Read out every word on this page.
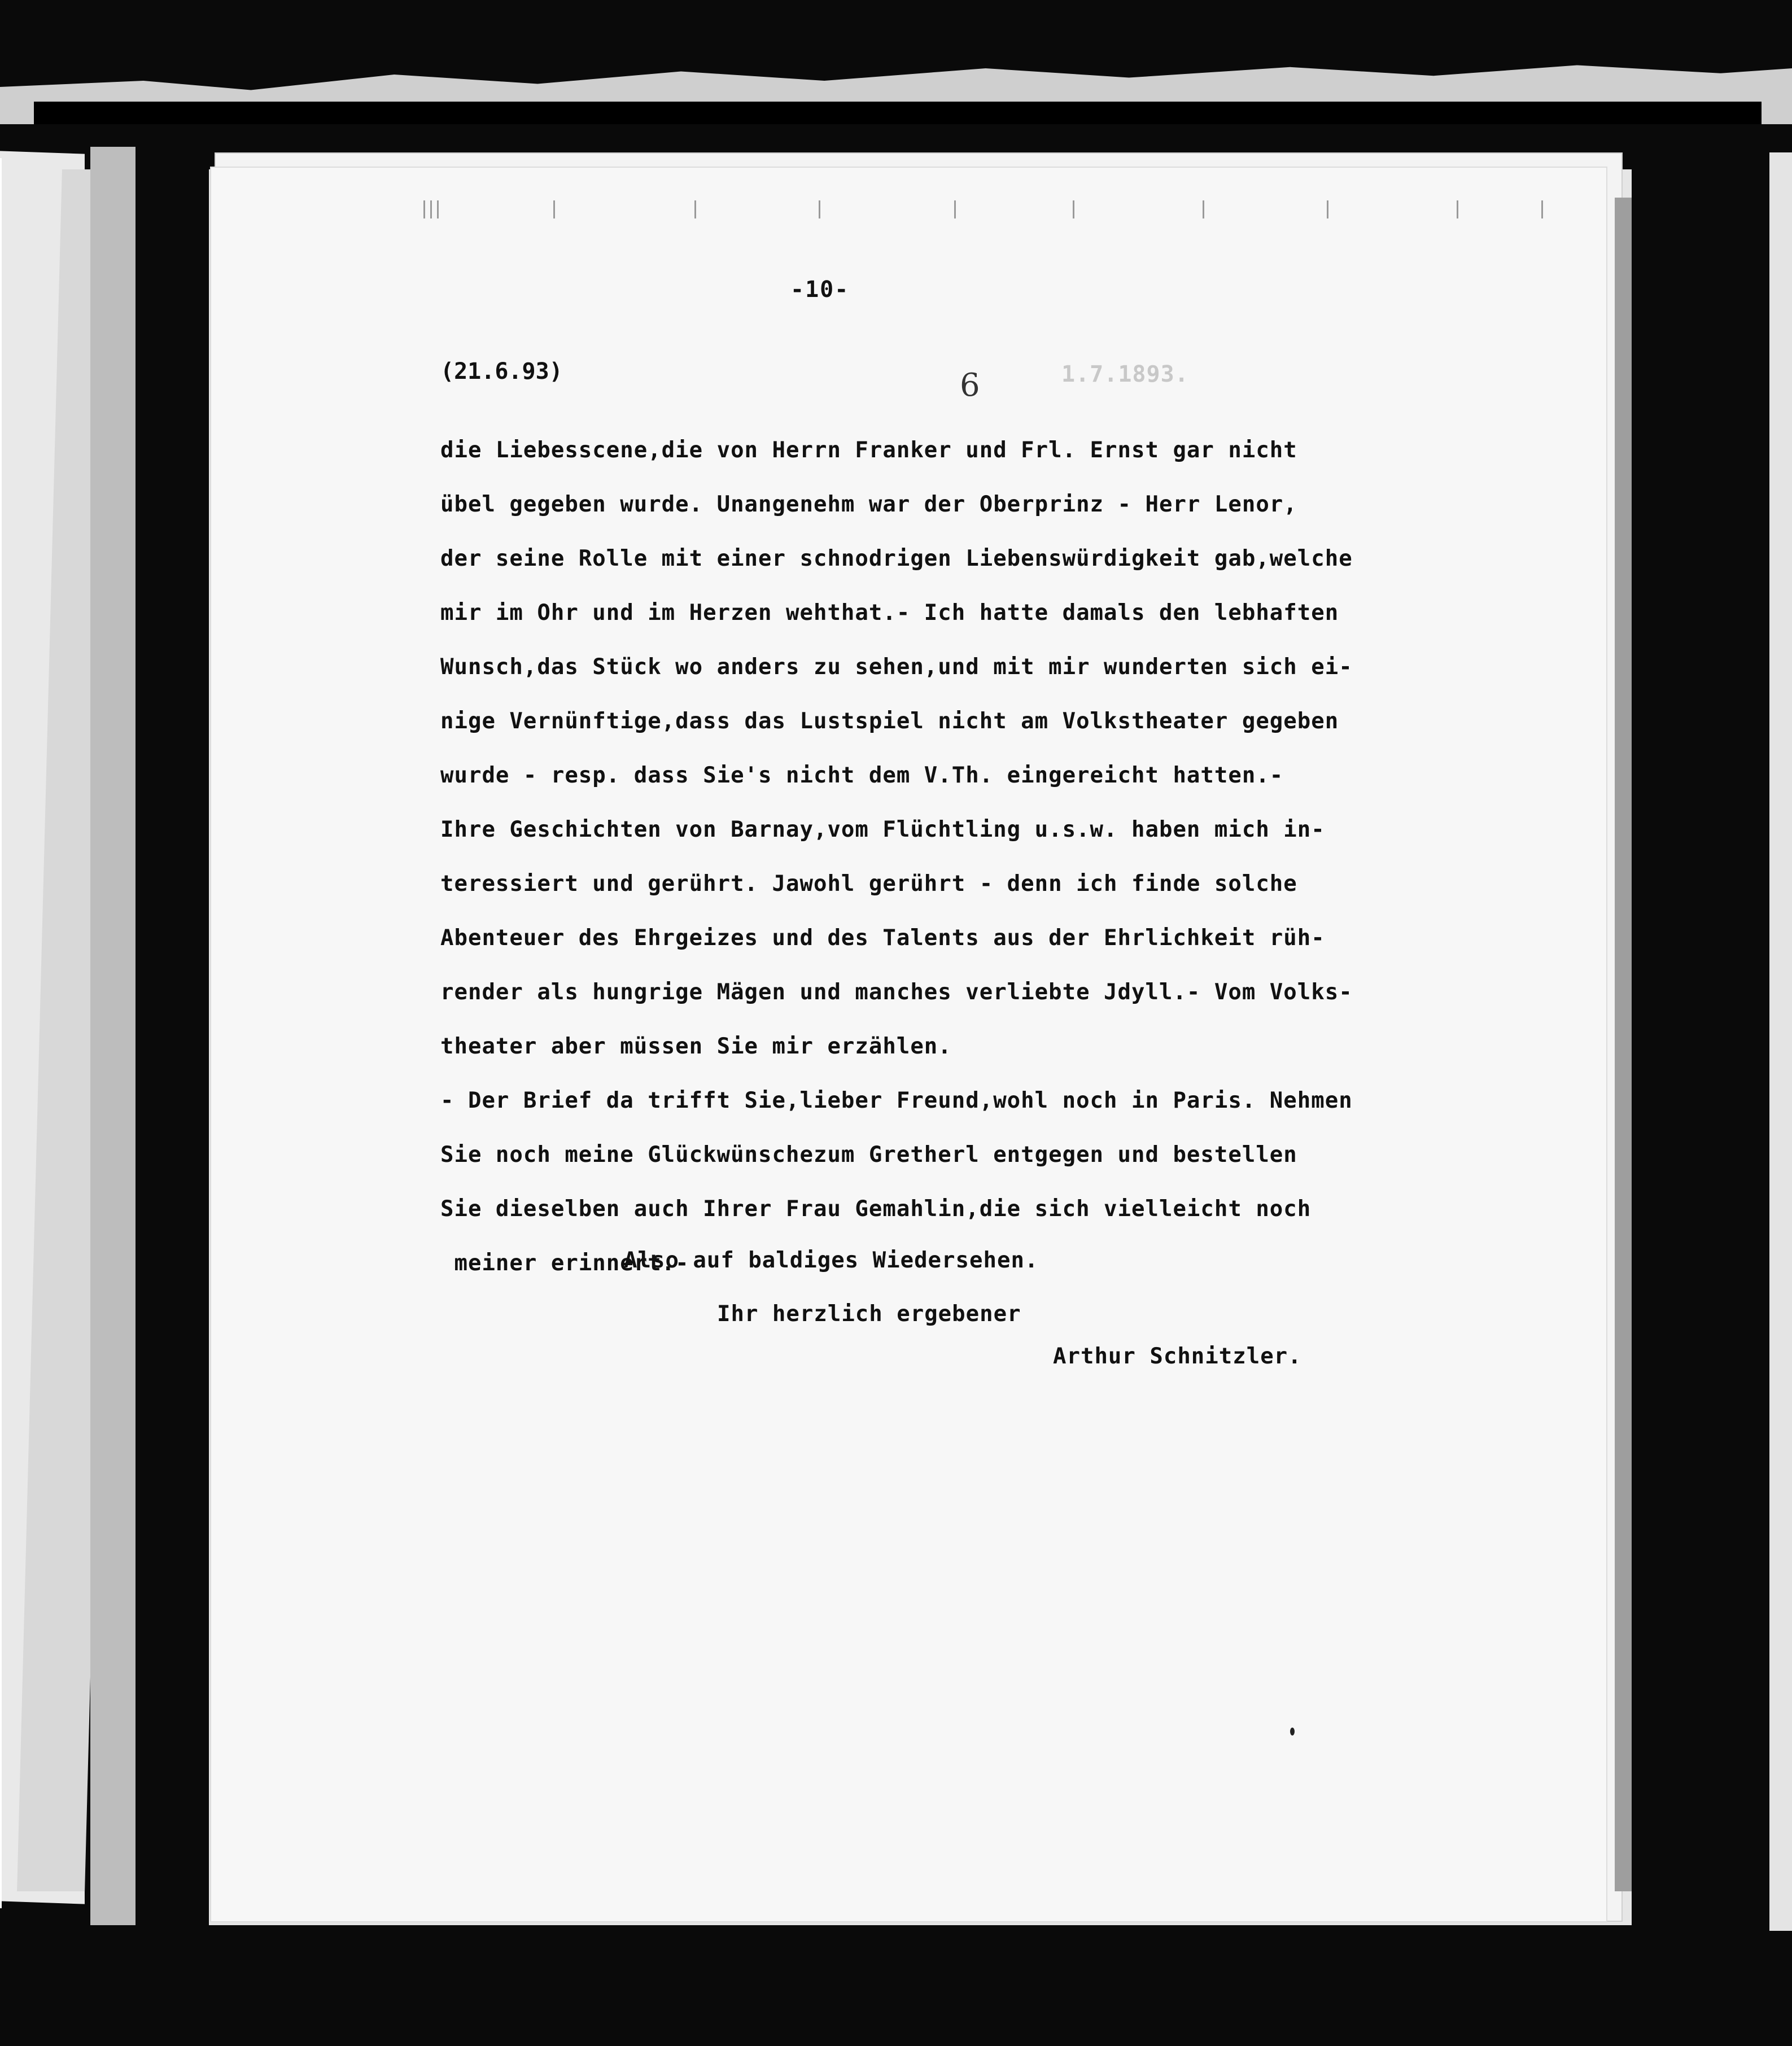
-10-
(21.6.93)	1.7.1893.
6
die Liebesscene,die von Herrn Franker und Frl. Ernst gar nicht
übel gegeben wurde. Unangenehm war der Oberprinz - Herr Lenor,
der seine Rolle mit einer schnodrigen Liebenswürdigkeit gab,welche
mir im Ohr und im Herzen wehthat.- Ich hatte damals den lebhaften
Wunsch,das Stück wo anders zu sehen,und mit mir wunderten sich ei-
nige Vernünftige,dass das Lustspiel nicht am Volkstheater gegeben
wurde - resp. dass Sie's nicht dem V.Th. eingereicht hatten.-
Ihre Geschichten von Barnay,vom Flüchtling u.s.w. haben mich in-
teressiert und gerührt. Jawohl gerührt - denn ich finde solche
Abenteuer des Ehrgeizes und des Talents aus der Ehrlichkeit rüh-
render als hungrige Mägen und manches verliebte Jdyll.- Vom Volks-
theater aber müssen Sie mir erzählen.
- Der Brief da trifft Sie,lieber Freund,wohl noch in Paris. Nehmen
Sie noch meine Glückwünschezum Gretherl entgegen und bestellen
Sie dieselben auch Ihrer Frau Gemahlin,die sich vielleicht noch
meiner erinnert.-
Also auf baldiges Wiedersehen.
Ihr herzlich ergebener
Arthur Schnitzler.
